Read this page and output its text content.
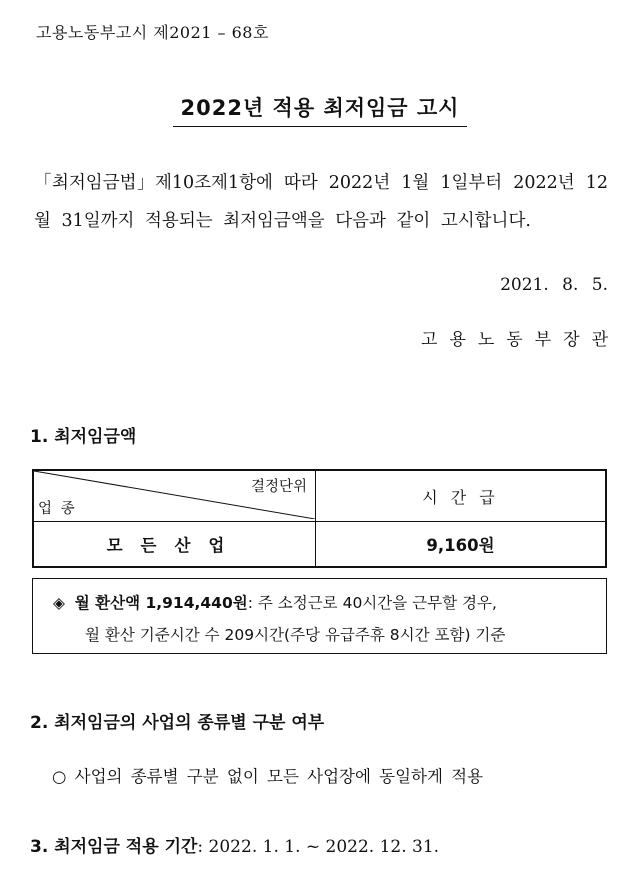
고용노동부고시 제2021 – 68호
2022년 적용 최저임금 고시
「최저임금법」제10조제1항에 따라 2022년 1월 1일부터 2022년 12월 31일까지 적용되는 최저임금액을 다음과 같이 고시합니다.
2021. 8. 5.
고용노동부장관
1. 최저임금액
결정단위
업 종	시 간 급
모든산업	9,160원
◈ 월 환산액 1,914,440원: 주 소정근로 40시간을 근무할 경우,
월 환산 기준시간 수 209시간(주당 유급주휴 8시간 포함) 기준
2. 최저임금의 사업의 종류별 구분 여부
○ 사업의 종류별 구분 없이 모든 사업장에 동일하게 적용
3. 최저임금 적용 기간: 2022. 1. 1. ~ 2022. 12. 31.
